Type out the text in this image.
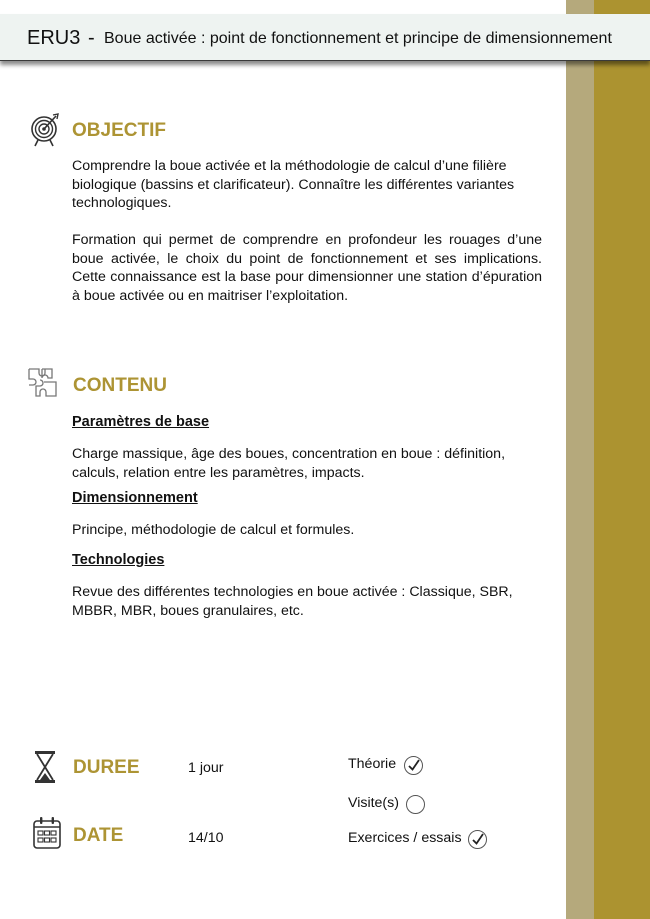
ERU3 - Boue activée : point de fonctionnement et principe de dimensionnement
OBJECTIF
Comprendre la boue activée et la méthodologie de calcul d’une filière biologique (bassins et clarificateur). Connaître les différentes variantes technologiques.
Formation qui permet de comprendre en profondeur les rouages d’une boue activée, le choix du point de fonctionnement et ses implications. Cette connaissance est la base pour dimensionner une station d’épuration à boue activée ou en maitriser l’exploitation.
CONTENU
Paramètres de base
Charge massique, âge des boues, concentration en boue : définition, calculs, relation entre les paramètres, impacts.
Dimensionnement
Principe, méthodologie de calcul et formules.
Technologies
Revue des différentes technologies en boue activée : Classique, SBR, MBBR, MBR, boues granulaires, etc.
DUREE	1 jour
DATE	14/10
Théorie
Visite(s)
Exercices / essais
